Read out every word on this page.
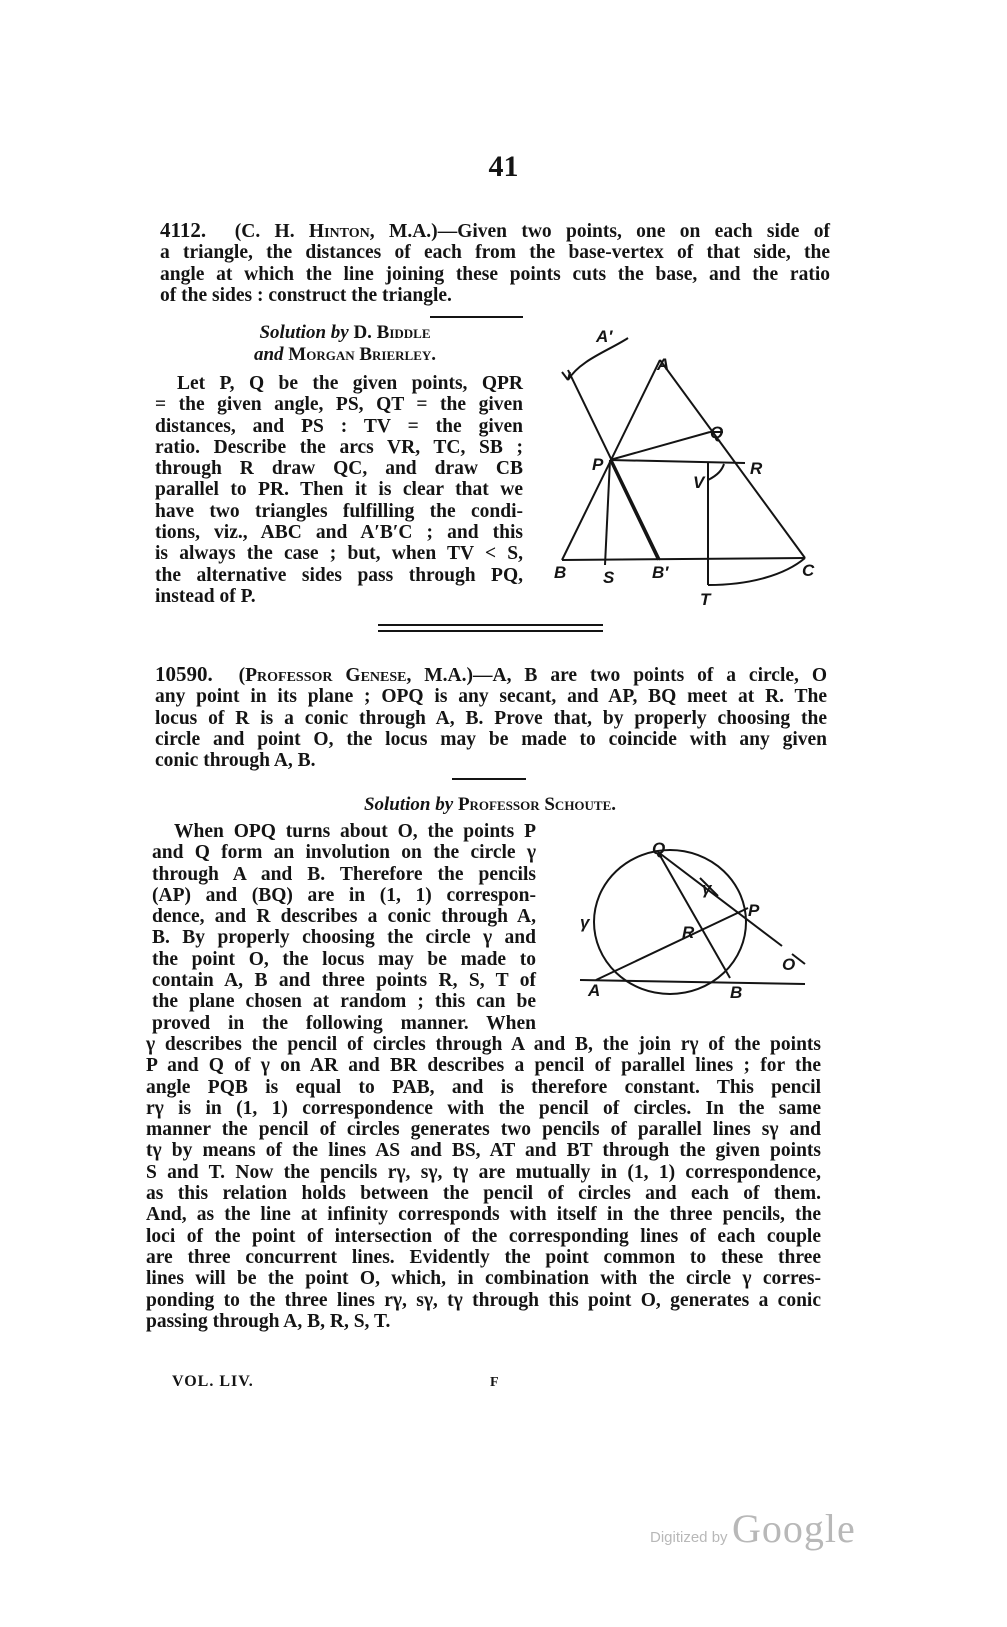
41
4112. (C. H. Hinton, M.A.)—Given two points, one on each side of
a triangle, the distances of each from the base-vertex of that side, the
angle at which the line joining these points cuts the base, and the ratio
of the sides : construct the triangle.
Solution by D. Biddle
and Morgan Brierley.
Let P, Q be the given points, QPR
= the given angle, PS, QT = the given
distances, and PS : TV = the given
ratio. Describe the arcs VR, TC, SB ;
through R draw QC, and draw CB
parallel to PR. Then it is clear that we
have two triangles fulfilling the condi-
tions, viz., ABC and A′B′C ; and this
is always the case ; but, when TV < S,
the alternative sides pass through PQ,
instead of P.
A′
A
Q
P	R
V
B S B′	C
T
10590. (Professor Genese, M.A.)—A, B are two points of a circle, O
any point in its plane ; OPQ is any secant, and AP, BQ meet at R. The
locus of R is a conic through A, B. Prove that, by properly choosing the
circle and point O, the locus may be made to coincide with any given
conic through A, B.
Solution by Professor Schoute.
When OPQ turns about O, the points P
and Q form an involution on the circle γ
through A and B. Therefore the pencils
(AP) and (BQ) are in (1, 1) correspon-
dence, and R describes a conic through A,
B. By properly choosing the circle γ and
the point O, the locus may be made to
contain A, B and three points R, S, T of
the plane chosen at random ; this can be
proved in the following manner. When
γ describes the pencil of circles through A and B, the join rγ of the points
P and Q of γ on AR and BR describes a pencil of parallel lines ; for the
angle PQB is equal to PAB, and is therefore constant. This pencil
rγ is in (1, 1) correspondence with the pencil of circles. In the same
manner the pencil of circles generates two pencils of parallel lines sγ and
tγ by means of the lines AS and BS, AT and BT through the given points
S and T. Now the pencils rγ, sγ, tγ are mutually in (1, 1) correspondence,
as this relation holds between the pencil of circles and each of them.
And, as the line at infinity corresponds with itself in the three pencils, the
loci of the point of intersection of the corresponding lines of each couple
are three concurrent lines. Evidently the point common to these three
lines will be the point O, which, in combination with the circle γ corres-
ponding to the three lines rγ, sγ, tγ through this point O, generates a conic
passing through A, B, R, S, T.
Q
γ
P
γ
R
O
A	B
VOL. LIV.	F
Digitized by Google
